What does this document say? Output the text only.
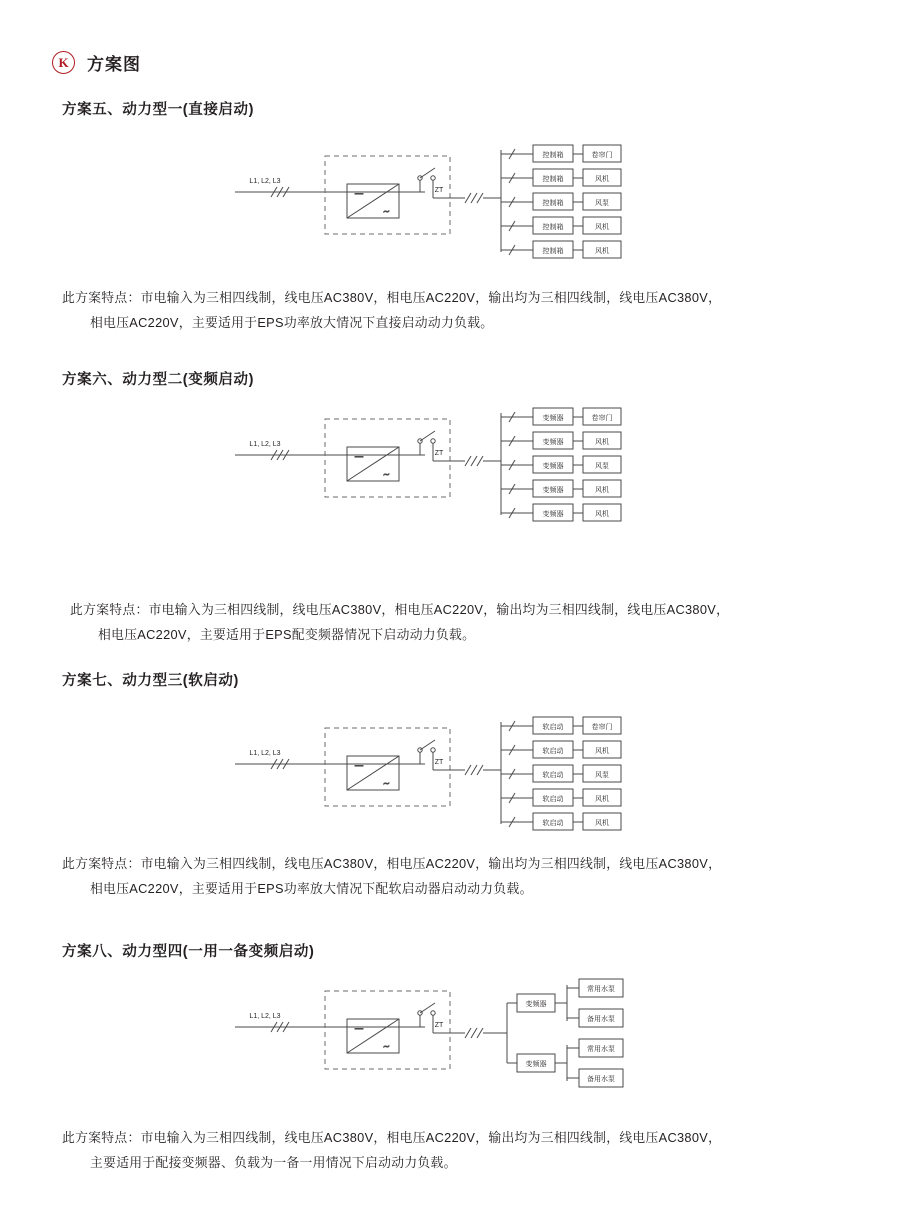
K	方案图
方案五、动力型一(直接启动)
—
∼
L1, L2, L3
ZT
控制箱
控制箱
控制箱
控制箱
控制箱
卷帘门
风机
风泵
风机
风机
此方案特点：市电输入为三相四线制，线电压AC380V，相电压AC220V，输出均为三相四线制，线电压AC380V，
相电压AC220V，主要适用于EPS功率放大情况下直接启动动力负载。
方案六、动力型二(变频启动)
—
∼
L1, L2, L3
ZT
变频器
变频器
变频器
变频器
变频器
卷帘门
风机
风泵
风机
风机
此方案特点：市电输入为三相四线制，线电压AC380V，相电压AC220V，输出均为三相四线制，线电压AC380V，
相电压AC220V，主要适用于EPS配变频器情况下启动动力负载。
方案七、动力型三(软启动)
—
∼
L1, L2, L3
ZT
软启动
软启动
软启动
软启动
软启动
卷帘门
风机
风泵
风机
风机
此方案特点：市电输入为三相四线制，线电压AC380V，相电压AC220V，输出均为三相四线制，线电压AC380V，
相电压AC220V，主要适用于EPS功率放大情况下配软启动器启动动力负载。
方案八、动力型四(一用一备变频启动)
—
∼
L1, L2, L3
ZT
变频器
变频器
常用水泵
备用水泵
常用水泵
备用水泵
此方案特点：市电输入为三相四线制，线电压AC380V，相电压AC220V，输出均为三相四线制，线电压AC380V，
主要适用于配接变频器、负载为一备一用情况下启动动力负载。
